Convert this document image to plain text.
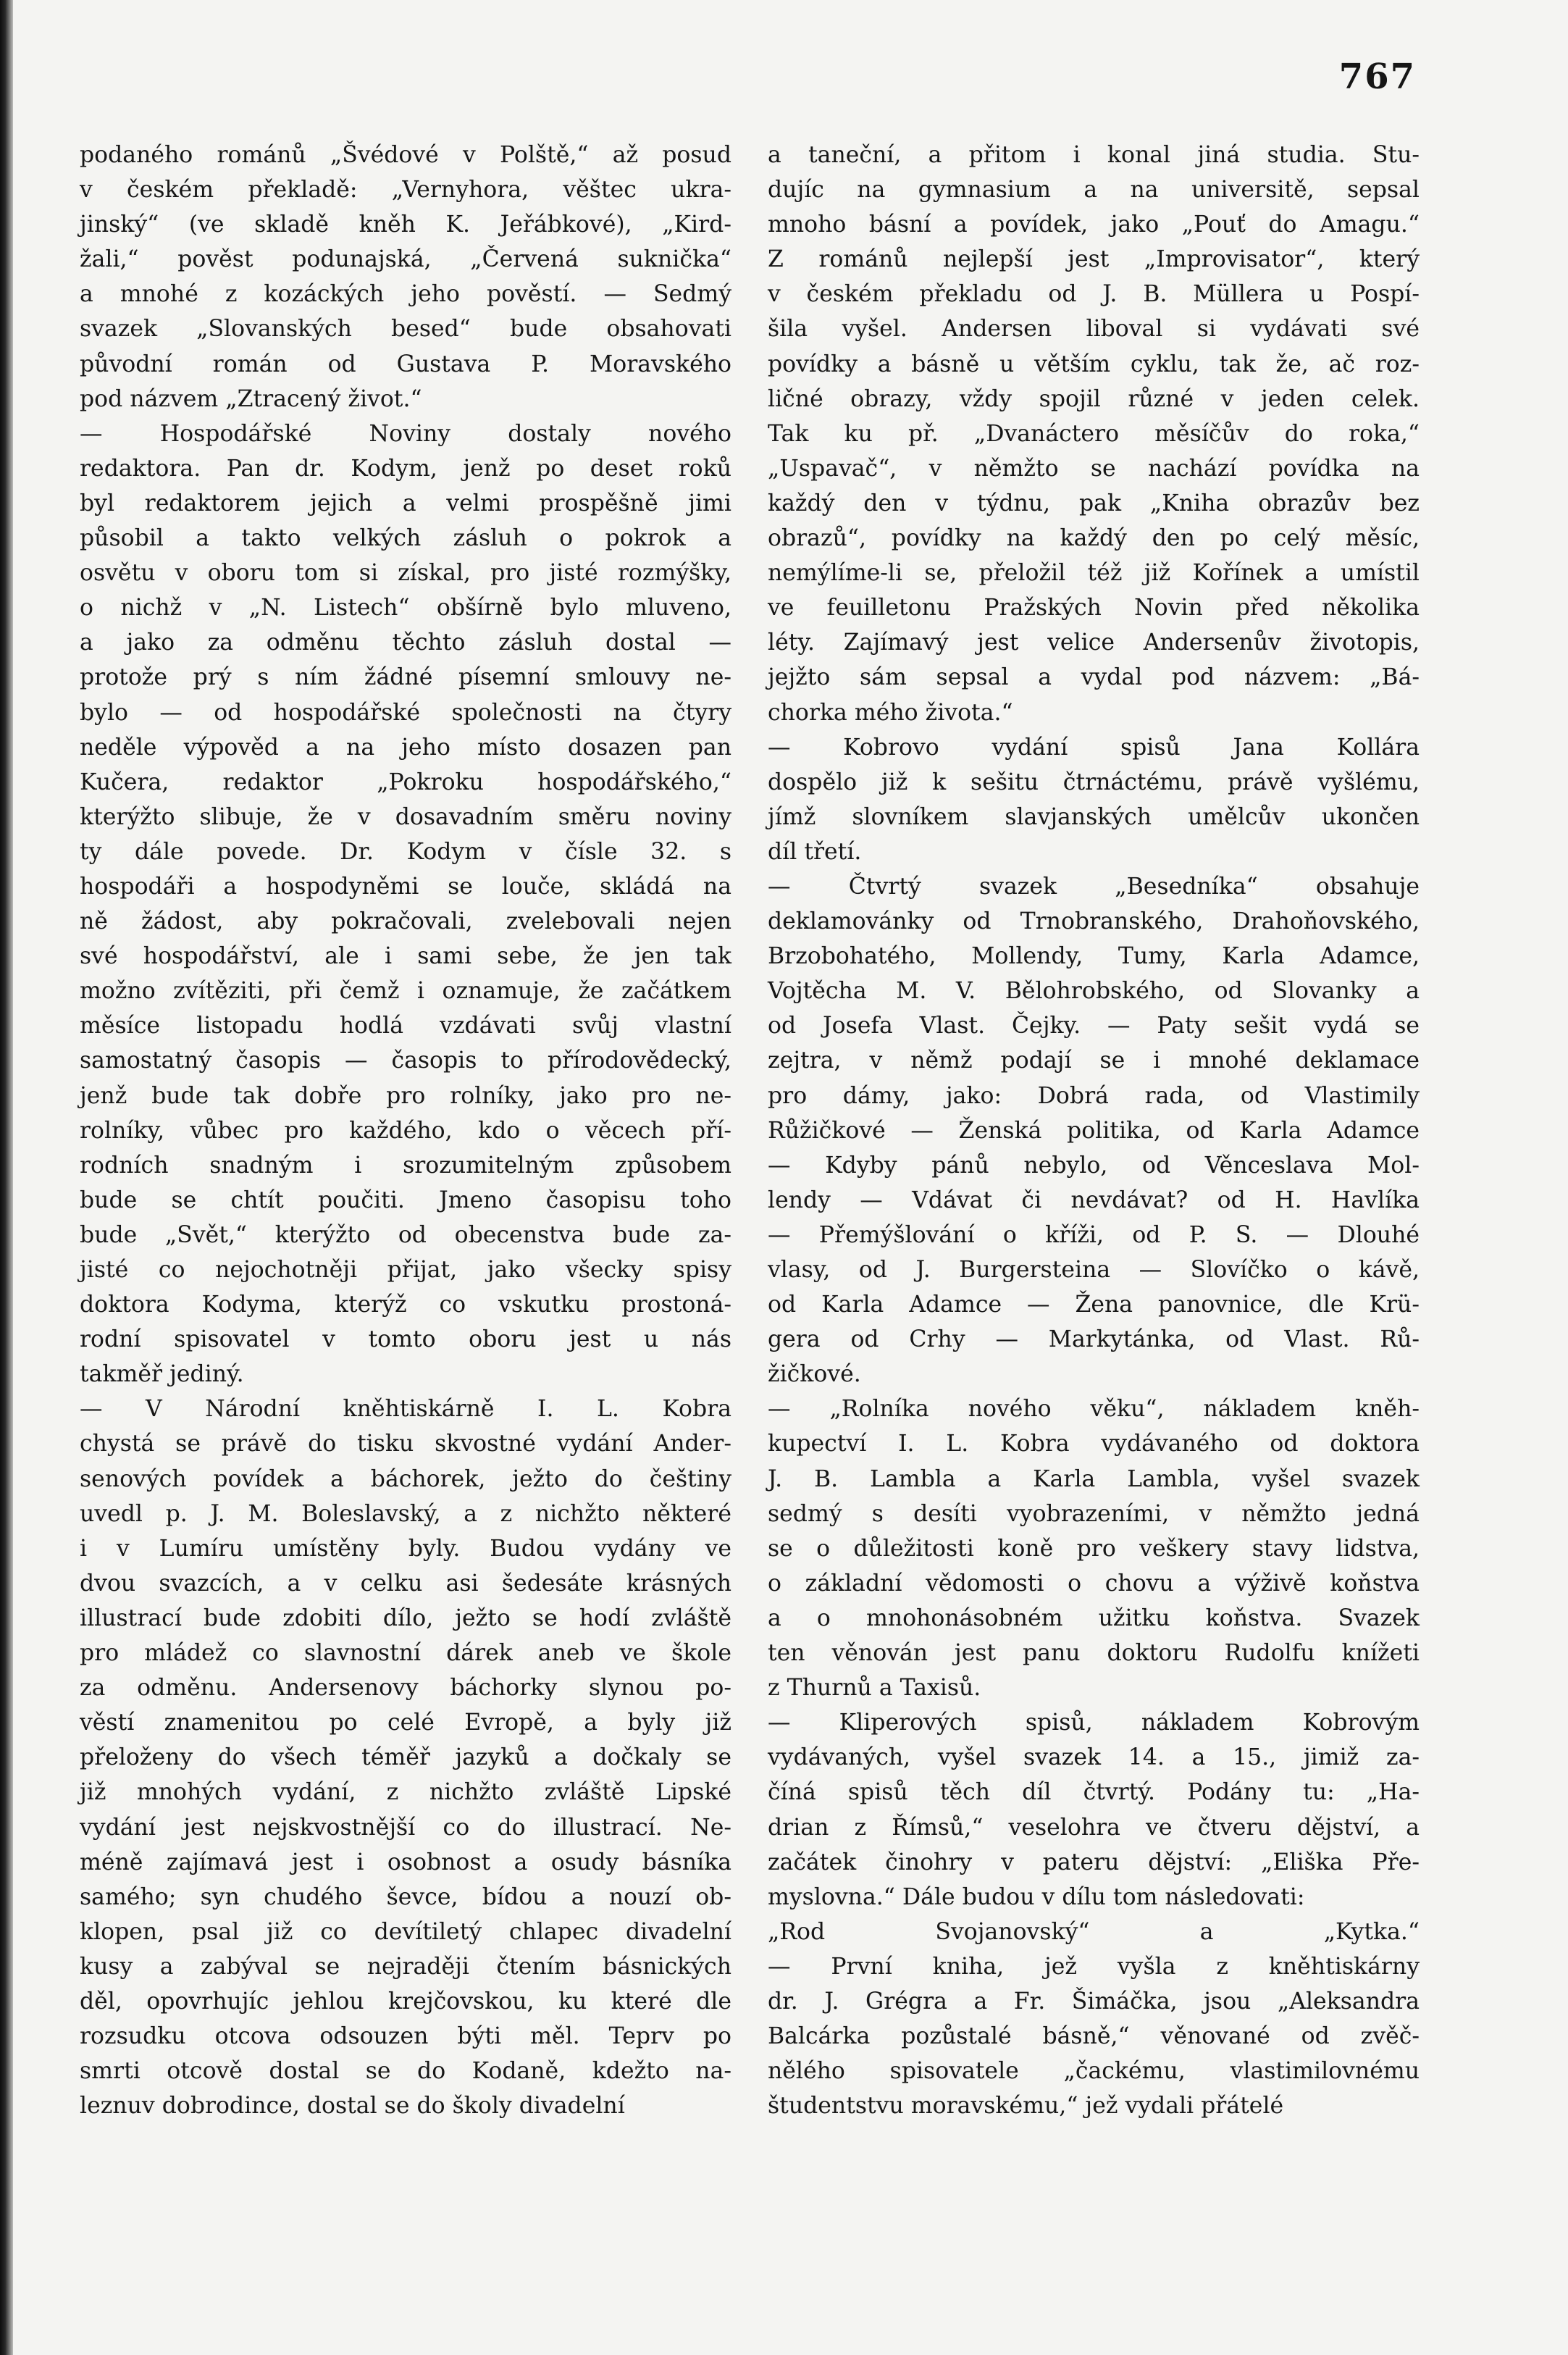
767

podaného románů „Švédové v Polště,“ až posud

v českém překladě: „Vernyhora, věštec ukra-

jinský“ (ve skladě kněh K. Jeřábkové), „Kird-

žali,“ pověst podunajská, „Červená suknička“

a mnohé z kozáckých jeho pověstí. — Sedmý

svazek „Slovanských besed“ bude obsahovati

původní román od Gustava P. Moravského

pod názvem „Ztracený život.“

— Hospodářské Noviny dostaly nového

redaktora. Pan dr. Kodym, jenž po deset roků

byl redaktorem jejich a velmi prospěšně jimi

působil a takto velkých zásluh o pokrok a

osvětu v oboru tom si získal, pro jisté rozmýšky,

o nichž v „N. Listech“ obšírně bylo mluveno,

a jako za odměnu těchto zásluh dostal —

protože prý s ním žádné písemní smlouvy ne-

bylo — od hospodářské společnosti na čtyry

neděle výpověd a na jeho místo dosazen pan

Kučera, redaktor „Pokroku hospodářského,“

kterýžto slibuje, že v dosavadním směru noviny

ty dále povede. Dr. Kodym v čísle 32. s

hospodáři a hospodyněmi se louče, skládá na

ně žádost, aby pokračovali, zvelebovali nejen

své hospodářství, ale i sami sebe, že jen tak

možno zvítěziti, při čemž i oznamuje, že začátkem

měsíce listopadu hodlá vzdávati svůj vlastní

samostatný časopis — časopis to přírodovědecký,

jenž bude tak dobře pro rolníky, jako pro ne-

rolníky, vůbec pro každého, kdo o věcech pří-

rodních snadným i srozumitelným způsobem

bude se chtít poučiti. Jmeno časopisu toho

bude „Svět,“ kterýžto od obecenstva bude za-

jisté co nejochotněji přijat, jako všecky spisy

doktora Kodyma, kterýž co vskutku prostoná-

rodní spisovatel v tomto oboru jest u nás

takměř jediný.

— V Národní kněhtiskárně I. L. Kobra

chystá se právě do tisku skvostné vydání Ander-

senových povídek a báchorek, ježto do češtiny

uvedl p. J. M. Boleslavský, a z nichžto některé

i v Lumíru umístěny byly. Budou vydány ve

dvou svazcích, a v celku asi šedesáte krásných

illustrací bude zdobiti dílo, ježto se hodí zvláště

pro mládež co slavnostní dárek aneb ve škole

za odměnu. Andersenovy báchorky slynou po-

věstí znamenitou po celé Evropě, a byly již

přeloženy do všech téměř jazyků a dočkaly se

již mnohých vydání, z nichžto zvláště Lipské

vydání jest nejskvostnější co do illustrací. Ne-

méně zajímavá jest i osobnost a osudy básníka

samého; syn chudého ševce, bídou a nouzí ob-

klopen, psal již co devítiletý chlapec divadelní

kusy a zabýval se nejraději čtením básnických

děl, opovrhujíc jehlou krejčovskou, ku které dle

rozsudku otcova odsouzen býti měl. Teprv po

smrti otcově dostal se do Kodaně, kdežto na-

leznuv dobrodince, dostal se do školy divadelní

a taneční, a přitom i konal jiná studia. Stu-

dujíc na gymnasium a na universitě, sepsal

mnoho básní a povídek, jako „Pouť do Amagu.“

Z románů nejlepší jest „Improvisator“, který

v českém překladu od J. B. Müllera u Pospí-

šila vyšel. Andersen liboval si vydávati své

povídky a básně u větším cyklu, tak že, ač roz-

ličné obrazy, vždy spojil různé v jeden celek.

Tak ku př. „Dvanáctero měsíčův do roka,“

„Uspavač“, v němžto se nachází povídka na

každý den v týdnu, pak „Kniha obrazův bez

obrazů“, povídky na každý den po celý měsíc,

nemýlíme-li se, přeložil též již Kořínek a umístil

ve feuilletonu Pražských Novin před několika

léty. Zajímavý jest velice Andersenův životopis,

jejžto sám sepsal a vydal pod názvem: „Bá-

chorka mého života.“

— Kobrovo vydání spisů Jana Kollára

dospělo již k sešitu čtrnáctému, právě vyšlému,

jímž slovníkem slavjanských umělcův ukončen

díl třetí.

— Čtvrtý svazek „Besedníka“ obsahuje

deklamovánky od Trnobranského, Drahoňovského,

Brzobohatého, Mollendy, Tumy, Karla Adamce,

Vojtěcha M. V. Bělohrobského, od Slovanky a

od Josefa Vlast. Čejky. — Paty sešit vydá se

zejtra, v němž podají se i mnohé deklamace

pro dámy, jako: Dobrá rada, od Vlastimily

Růžičkové — Ženská politika, od Karla Adamce

— Kdyby pánů nebylo, od Věnceslava Mol-

lendy — Vdávat či nevdávat? od H. Havlíka

— Přemýšlování o kříži, od P. S. — Dlouhé

vlasy, od J. Burgersteina — Slovíčko o kávě,

od Karla Adamce — Žena panovnice, dle Krü-

gera od Crhy — Markytánka, od Vlast. Rů-

žičkové.

— „Rolníka nového věku“, nákladem kněh-

kupectví I. L. Kobra vydávaného od doktora

J. B. Lambla a Karla Lambla, vyšel svazek

sedmý s desíti vyobrazeními, v němžto jedná

se o důležitosti koně pro veškery stavy lidstva,

o základní vědomosti o chovu a výživě koňstva

a o mnohonásobném užitku koňstva. Svazek

ten věnován jest panu doktoru Rudolfu knížeti

z Thurnů a Taxisů.

— Kliperových spisů, nákladem Kobrovým

vydávaných, vyšel svazek 14. a 15., jimiž za-

číná spisů těch díl čtvrtý. Podány tu: „Ha-

drian z Římsů,“ veselohra ve čtveru dějství, a

začátek činohry v pateru dějství: „Eliška Pře-

myslovna.“ Dále budou v dílu tom následovati:

„Rod Svojanovský“ a „Kytka.“

— První kniha, jež vyšla z kněhtiskárny

dr. J. Grégra a Fr. Šimáčka, jsou „Aleksandra

Balcárka pozůstalé básně,“ věnované od zvěč-

nělého spisovatele „čackému, vlastimilovnému

študentstvu moravskému,“ jež vydali přátelé
